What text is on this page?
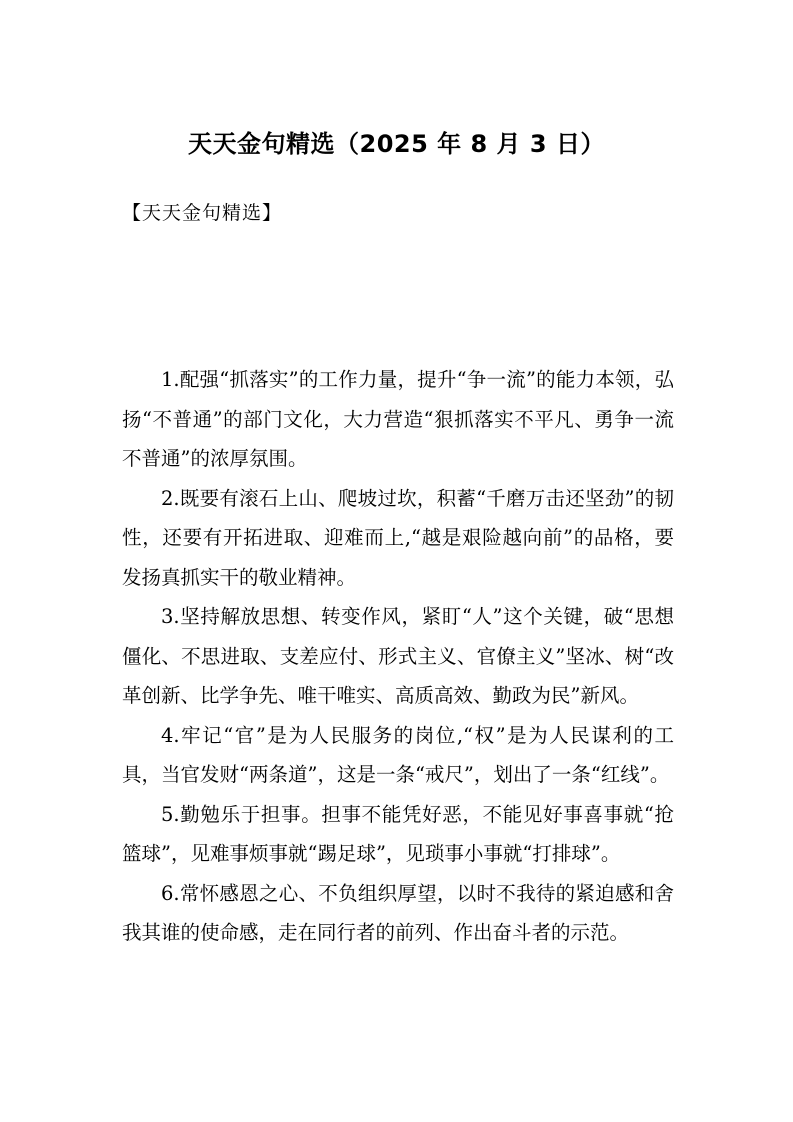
天天金句精选（2025 年 8 月 3 日）
【天天金句精选】

1.配强“抓落实”的工作力量，提升“争一流”的能力本领，弘扬“不普通”的部门文化，大力营造“狠抓落实不平凡、勇争一流不普通”的浓厚氛围。

2.既要有滚石上山、爬坡过坎，积蓄“千磨万击还坚劲”的韧性，还要有开拓进取、迎难而上,“越是艰险越向前”的品格，要发扬真抓实干的敬业精神。

3.坚持解放思想、转变作风，紧盯“人”这个关键，破“思想僵化、不思进取、支差应付、形式主义、官僚主义”坚冰、树“改革创新、比学争先、唯干唯实、高质高效、勤政为民”新风。

4.牢记“官”是为人民服务的岗位,“权”是为人民谋利的工具，当官发财“两条道”，这是一条“戒尺”，划出了一条“红线”。

5.勤勉乐于担事。担事不能凭好恶，不能见好事喜事就“抢篮球”，见难事烦事就“踢足球”，见琐事小事就“打排球”。

6.常怀感恩之心、不负组织厚望，以时不我待的紧迫感和舍我其谁的使命感，走在同行者的前列、作出奋斗者的示范。
